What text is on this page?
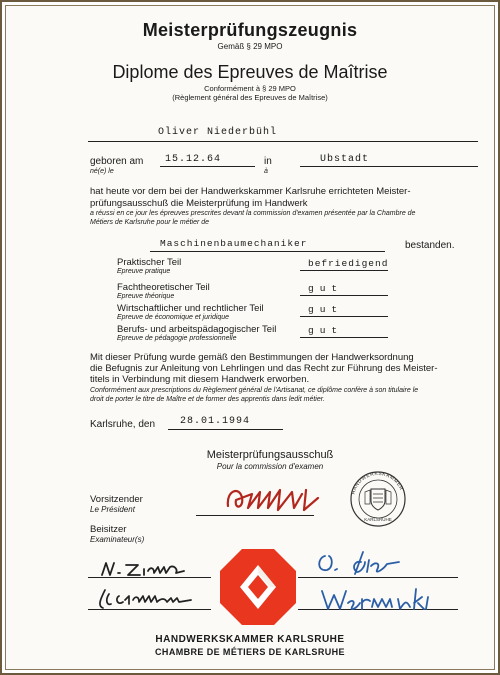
Meisterprüfungszeugnis
Gemäß § 29 MPO
Diplome des Epreuves de Maîtrise
Conformément à § 29 MPO
(Règlement général des Epreuves de Maîtrise)
Oliver Niederbühl
geboren am
né(e) le
15.12.64	in
à
Ubstadt
hat heute vor dem bei der Handwerkskammer Karlsruhe errichteten Meister-
prüfungsausschuß die Meisterprüfung im Handwerk
a réussi en ce jour les épreuves prescrites devant la commission d'examen présentée par la Chambre de
Métiers de Karlsruhe pour le métier de
Maschinenbaumechaniker	bestanden.
Praktischer Teil
Epreuve pratique
befriedigend
Fachtheoretischer Teil
Epreuve théorique
gut
Wirtschaftlicher und rechtlicher Teil
Epreuve de économique et juridique
gut
Berufs- und arbeitspädagogischer Teil
Epreuve de pédagogie professionnelle
gut
Mit dieser Prüfung wurde gemäß den Bestimmungen der Handwerksordnung
die Befugnis zur Anleitung von Lehrlingen und das Recht zur Führung des Meister-
titels in Verbindung mit diesem Handwerk erworben.
Conformément aux prescriptions du Règlement général de l'Artisanat, ce diplôme confère à son titulaire le
droit de porter le titre de Maître et de former des apprentis dans ledit métier.
Karlsruhe, den 28.01.1994
Meisterprüfungsausschuß
Pour la commission d'examen
Vorsitzender
Le Président
Beisitzer
Examinateur(s)
HANDWERKSKAMMER
KARLSRUHE
HANDWERKSKAMMER KARLSRUHE
CHAMBRE DE MÉTIERS DE KARLSRUHE
